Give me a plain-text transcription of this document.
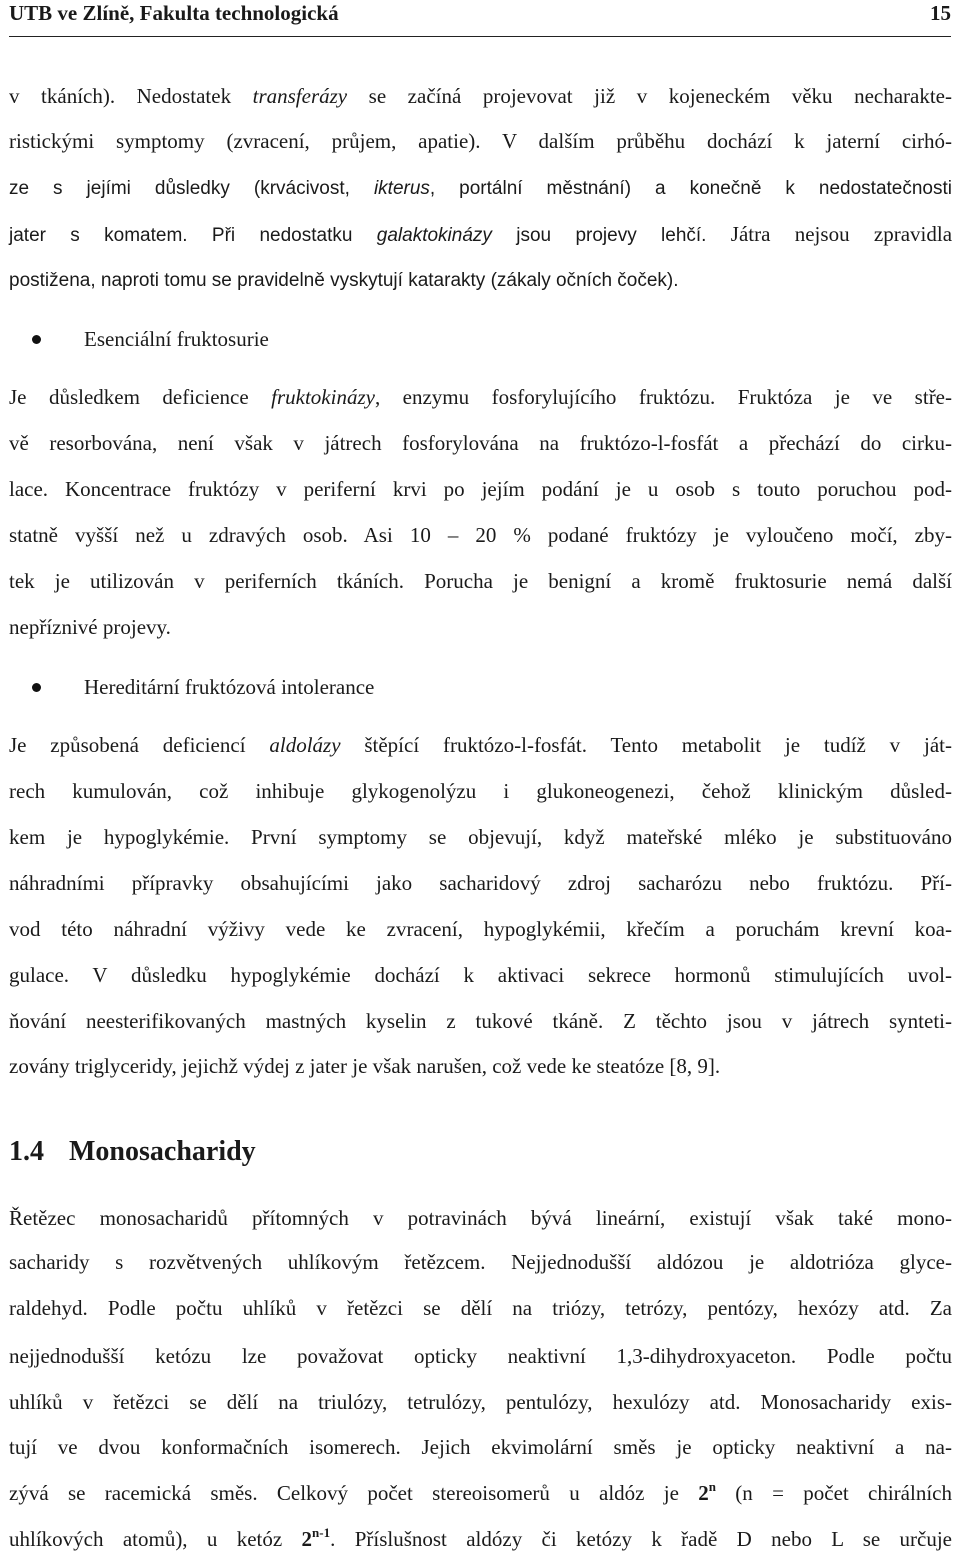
UTB ve Zlíně, Fakulta technologická	15
v tkáních). Nedostatek transferázy se začíná projevovat již v kojeneckém věku necharakte-
ristickými symptomy (zvracení, průjem, apatie). V dalším průběhu dochází k jaterní cirhó-
ze s jejími důsledky (krvácivost, ikterus, portální městnání) a konečně k nedostatečnosti
jater s komatem. Při nedostatku galaktokinázy jsou projevy lehčí. Játra nejsou zpravidla
postižena, naproti tomu se pravidelně vyskytují katarakty (zákaly očních čoček).
Esenciální fruktosurie
Je důsledkem deficience fruktokinázy, enzymu fosforylujícího fruktózu. Fruktóza je ve stře-
vě resorbována, není však v játrech fosforylována na fruktózo-l-fosfát a přechází do cirku-
lace. Koncentrace fruktózy v periferní krvi po jejím podání je u osob s touto poruchou pod-
statně vyšší než u zdravých osob. Asi 10 – 20 % podané fruktózy je vyloučeno močí, zby-
tek je utilizován v periferních tkáních. Porucha je benigní a kromě fruktosurie nemá další
nepříznivé projevy.
Hereditární fruktózová intolerance
Je způsobená deficiencí aldolázy štěpící fruktózo-l-fosfát. Tento metabolit je tudíž v ját-
rech kumulován, což inhibuje glykogenolýzu i glukoneogenezi, čehož klinickým důsled-
kem je hypoglykémie. První symptomy se objevují, když mateřské mléko je substituováno
náhradními přípravky obsahujícími jako sacharidový zdroj sacharózu nebo fruktózu. Pří-
vod této náhradní výživy vede ke zvracení, hypoglykémii, křečím a poruchám krevní koa-
gulace. V důsledku hypoglykémie dochází k aktivaci sekrece hormonů stimulujících uvol-
ňování neesterifikovaných mastných kyselin z tukové tkáně. Z těchto jsou v játrech synteti-
zovány triglyceridy, jejichž výdej z jater je však narušen, což vede ke steatóze [8, 9].
1.4 Monosacharidy
Řetězec monosacharidů přítomných v potravinách bývá lineární, existují však také mono-
sacharidy s rozvětvených uhlíkovým řetězcem. Nejjednodušší aldózou je aldotrióza glyce-
raldehyd. Podle počtu uhlíků v řetězci se dělí na triózy, tetrózy, pentózy, hexózy atd. Za
nejjednodušší ketózu lze považovat opticky neaktivní 1,3-dihydroxyaceton. Podle počtu
uhlíků v řetězci se dělí na triulózy, tetrulózy, pentulózy, hexulózy atd. Monosacharidy exis-
tují ve dvou konformačních isomerech. Jejich ekvimolární směs je opticky neaktivní a na-
zývá se racemická směs. Celkový počet stereoisomerů u aldóz je 2$^n$ (n = počet chirálních
uhlíkových atomů), u ketóz 2$^{n-1}$. Příslušnost aldózy či ketózy k řadě D nebo L se určuje
